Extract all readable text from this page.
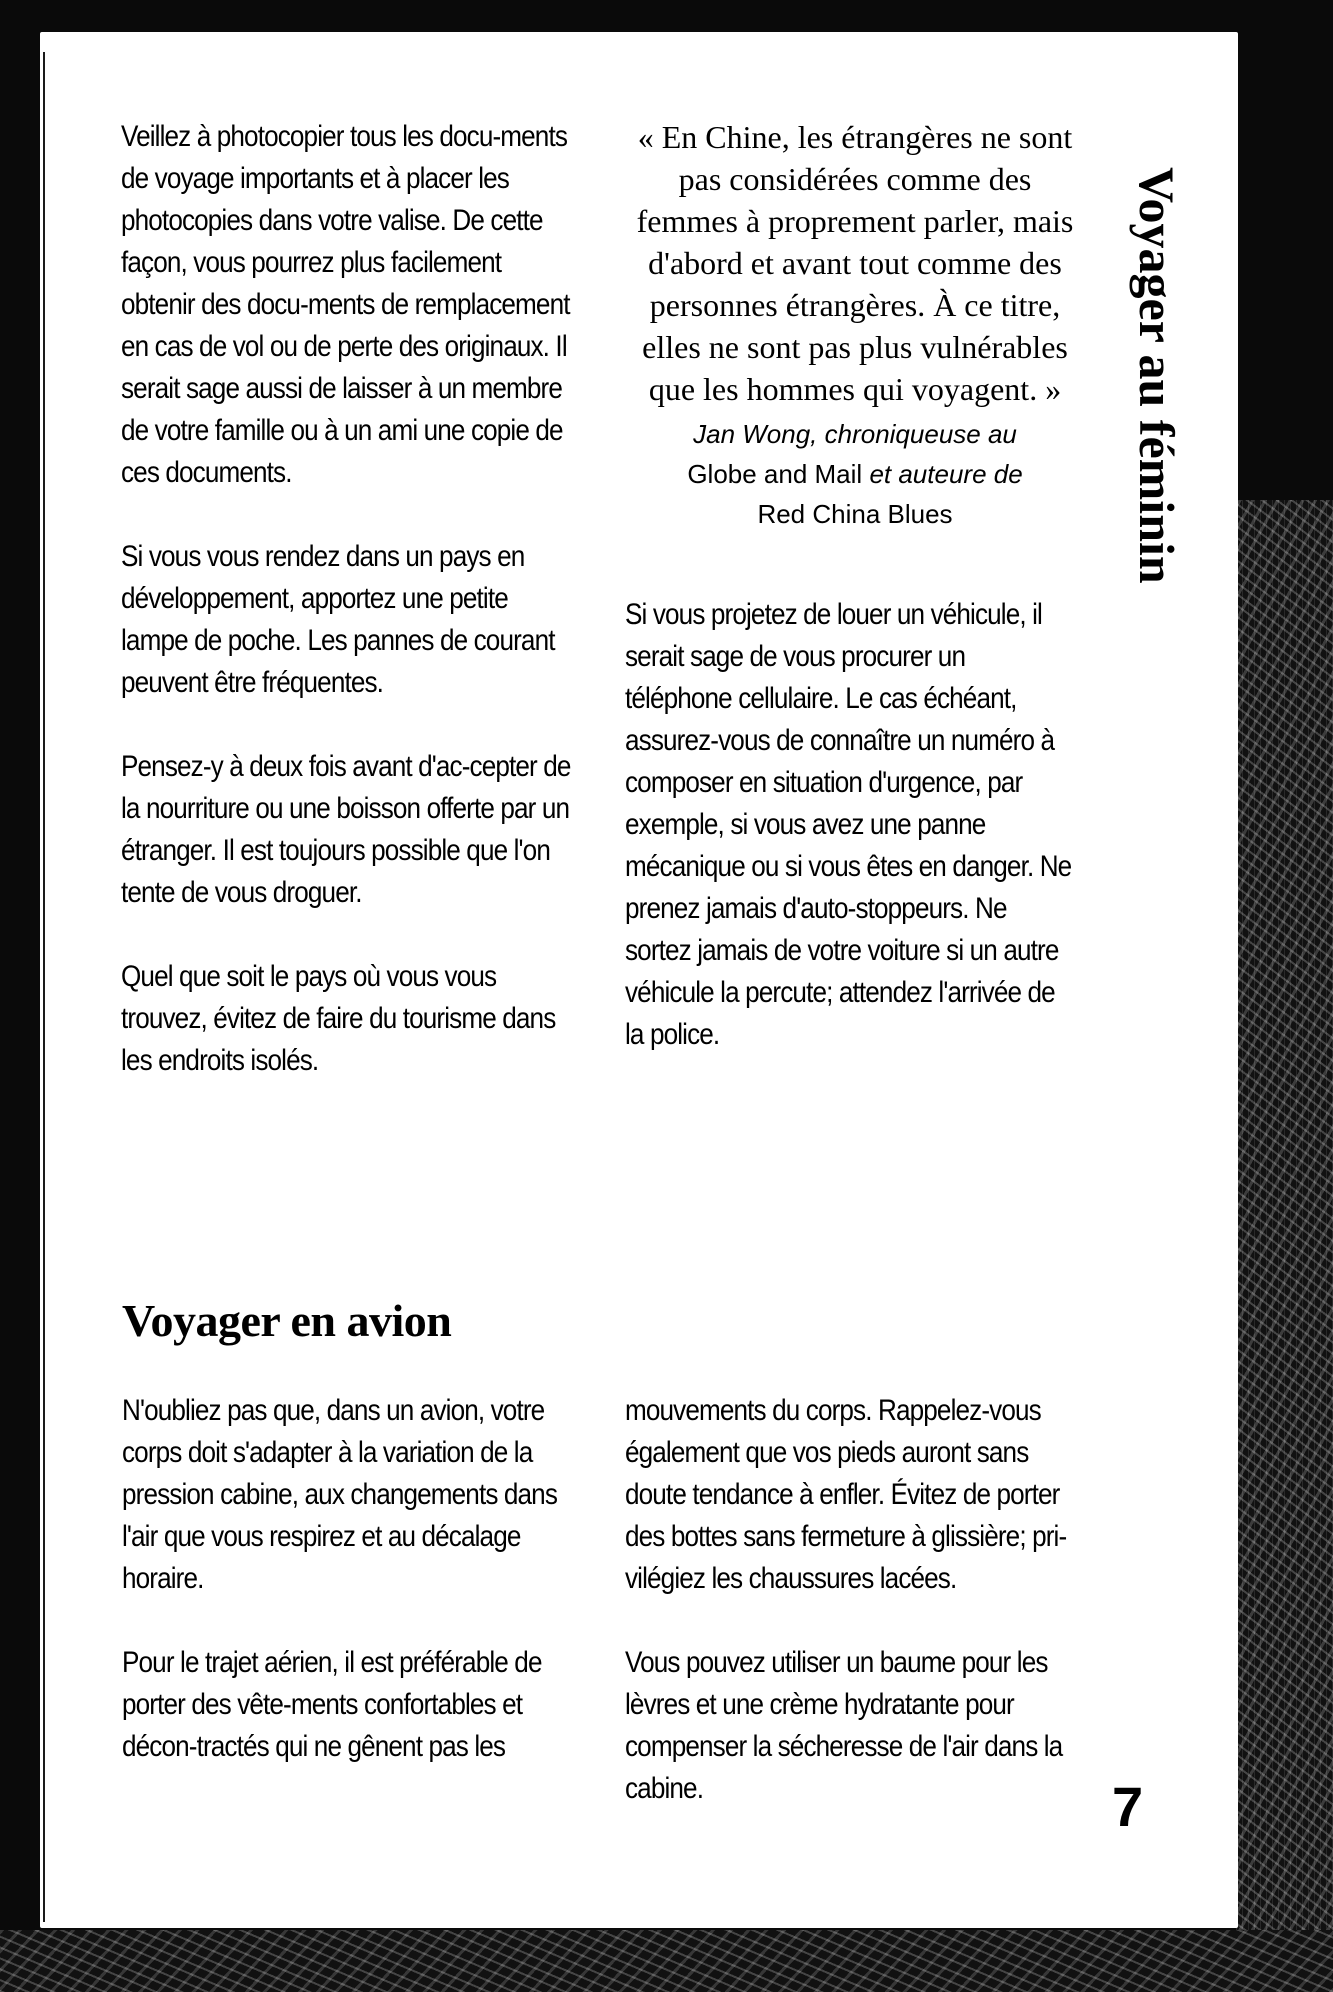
Veillez à photocopier tous les docu-ments de voyage importants et à placer les photocopies dans votre valise. De cette façon, vous pourrez plus facilement obtenir des docu-ments de remplacement en cas de vol ou de perte des originaux. Il serait sage aussi de laisser à un membre de votre famille ou à un ami une copie de ces documents.

Si vous vous rendez dans un pays en développement, apportez une petite lampe de poche. Les pannes de courant peuvent être fréquentes.

Pensez-y à deux fois avant d'ac-cepter de la nourriture ou une boisson offerte par un étranger. Il est toujours possible que l'on tente de vous droguer.

Quel que soit le pays où vous vous trouvez, évitez de faire du tourisme dans les endroits isolés.

« En Chine, les étrangères ne sont pas considérées comme des femmes à proprement parler, mais d'abord et avant tout comme des personnes étrangères. À ce titre, elles ne sont pas plus vulnérables que les hommes qui voyagent. »

Jan Wong, chroniqueuse au
Globe and Mail et auteure de
Red China Blues

Si vous projetez de louer un véhicule, il serait sage de vous procurer un téléphone cellulaire. Le cas échéant, assurez-vous de connaître un numéro à composer en situation d'urgence, par exemple, si vous avez une panne mécanique ou si vous êtes en danger. Ne prenez jamais d'auto-stoppeurs. Ne sortez jamais de votre voiture si un autre véhicule la percute; attendez l'arrivée de la police.

Voyager en avion

N'oubliez pas que, dans un avion, votre corps doit s'adapter à la variation de la pression cabine, aux changements dans l'air que vous respirez et au décalage horaire.

Pour le trajet aérien, il est préférable de porter des vête-ments confortables et décon-tractés qui ne gênent pas les

mouvements du corps. Rappelez-vous également que vos pieds auront sans doute tendance à enfler. Évitez de porter des bottes sans fermeture à glissière; pri-vilégiez les chaussures lacées.

Vous pouvez utiliser un baume pour les lèvres et une crème hydratante pour compenser la sécheresse de l'air dans la cabine.

Voyager au féminin
7
